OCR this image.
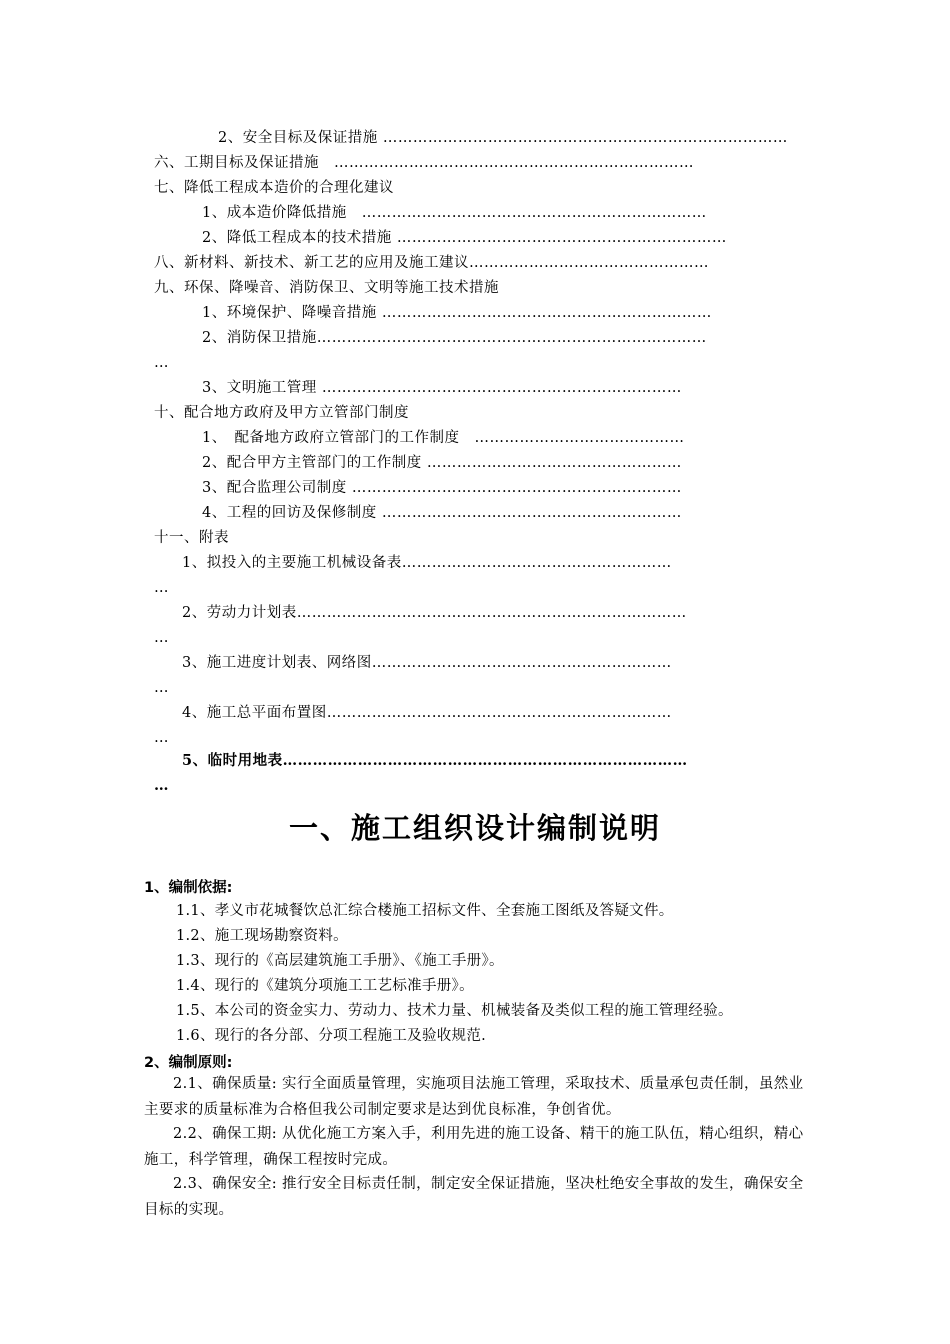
2、安全目标及保证措施 ………………………………………………………………………
六、工期目标及保证措施　………………………………………………………………
七、降低工程成本造价的合理化建议
1、成本造价降低措施　……………………………………………………………
2、降低工程成本的技术措施 …………………………………………………………
八、新材料、新技术、新工艺的应用及施工建议…………………………………………
九、环保、降噪音、消防保卫、文明等施工技术措施
1、环境保护、降噪音措施 …………………………………………………………
2、消防保卫措施……………………………………………………………………
…
3、文明施工管理 ………………………………………………………………
十、配合地方政府及甲方立管部门制度
1、　配备地方政府立管部门的工作制度　……………………………………
2、配合甲方主管部门的工作制度 ……………………………………………
3、配合监理公司制度 …………………………………………………………
4、工程的回访及保修制度 ……………………………………………………
十一、附表
1、拟投入的主要施工机械设备表………………………………………………
…
2、劳动力计划表……………………………………………………………………
…
3、施工进度计划表、网络图……………………………………………………
…
4、施工总平面布置图……………………………………………………………
…
5、临时用地表………………………………………………………………………
…
一、施工组织设计编制说明
1、编制依据:
1.1、孝义市花城餐饮总汇综合楼施工招标文件、全套施工图纸及答疑文件。
1.2、施工现场勘察资料。
1.3、现行的《高层建筑施工手册》、《施工手册》。
1.4、现行的《建筑分项施工工艺标准手册》。
1.5、本公司的资金实力、劳动力、技术力量、机械装备及类似工程的施工管理经验。
1.6、现行的各分部、分项工程施工及验收规范.
2、编制原则:
2.1、确保质量: 实行全面质量管理，实施项目法施工管理，采取技术、质量承包责任制，虽然业主要求的质量标准为合格但我公司制定要求是达到优良标准，争创省优。
2.2、确保工期: 从优化施工方案入手，利用先进的施工设备、精干的施工队伍，精心组织，精心施工，科学管理，确保工程按时完成。
2.3、确保安全: 推行安全目标责任制，制定安全保证措施，坚决杜绝安全事故的发生，确保安全目标的实现。
